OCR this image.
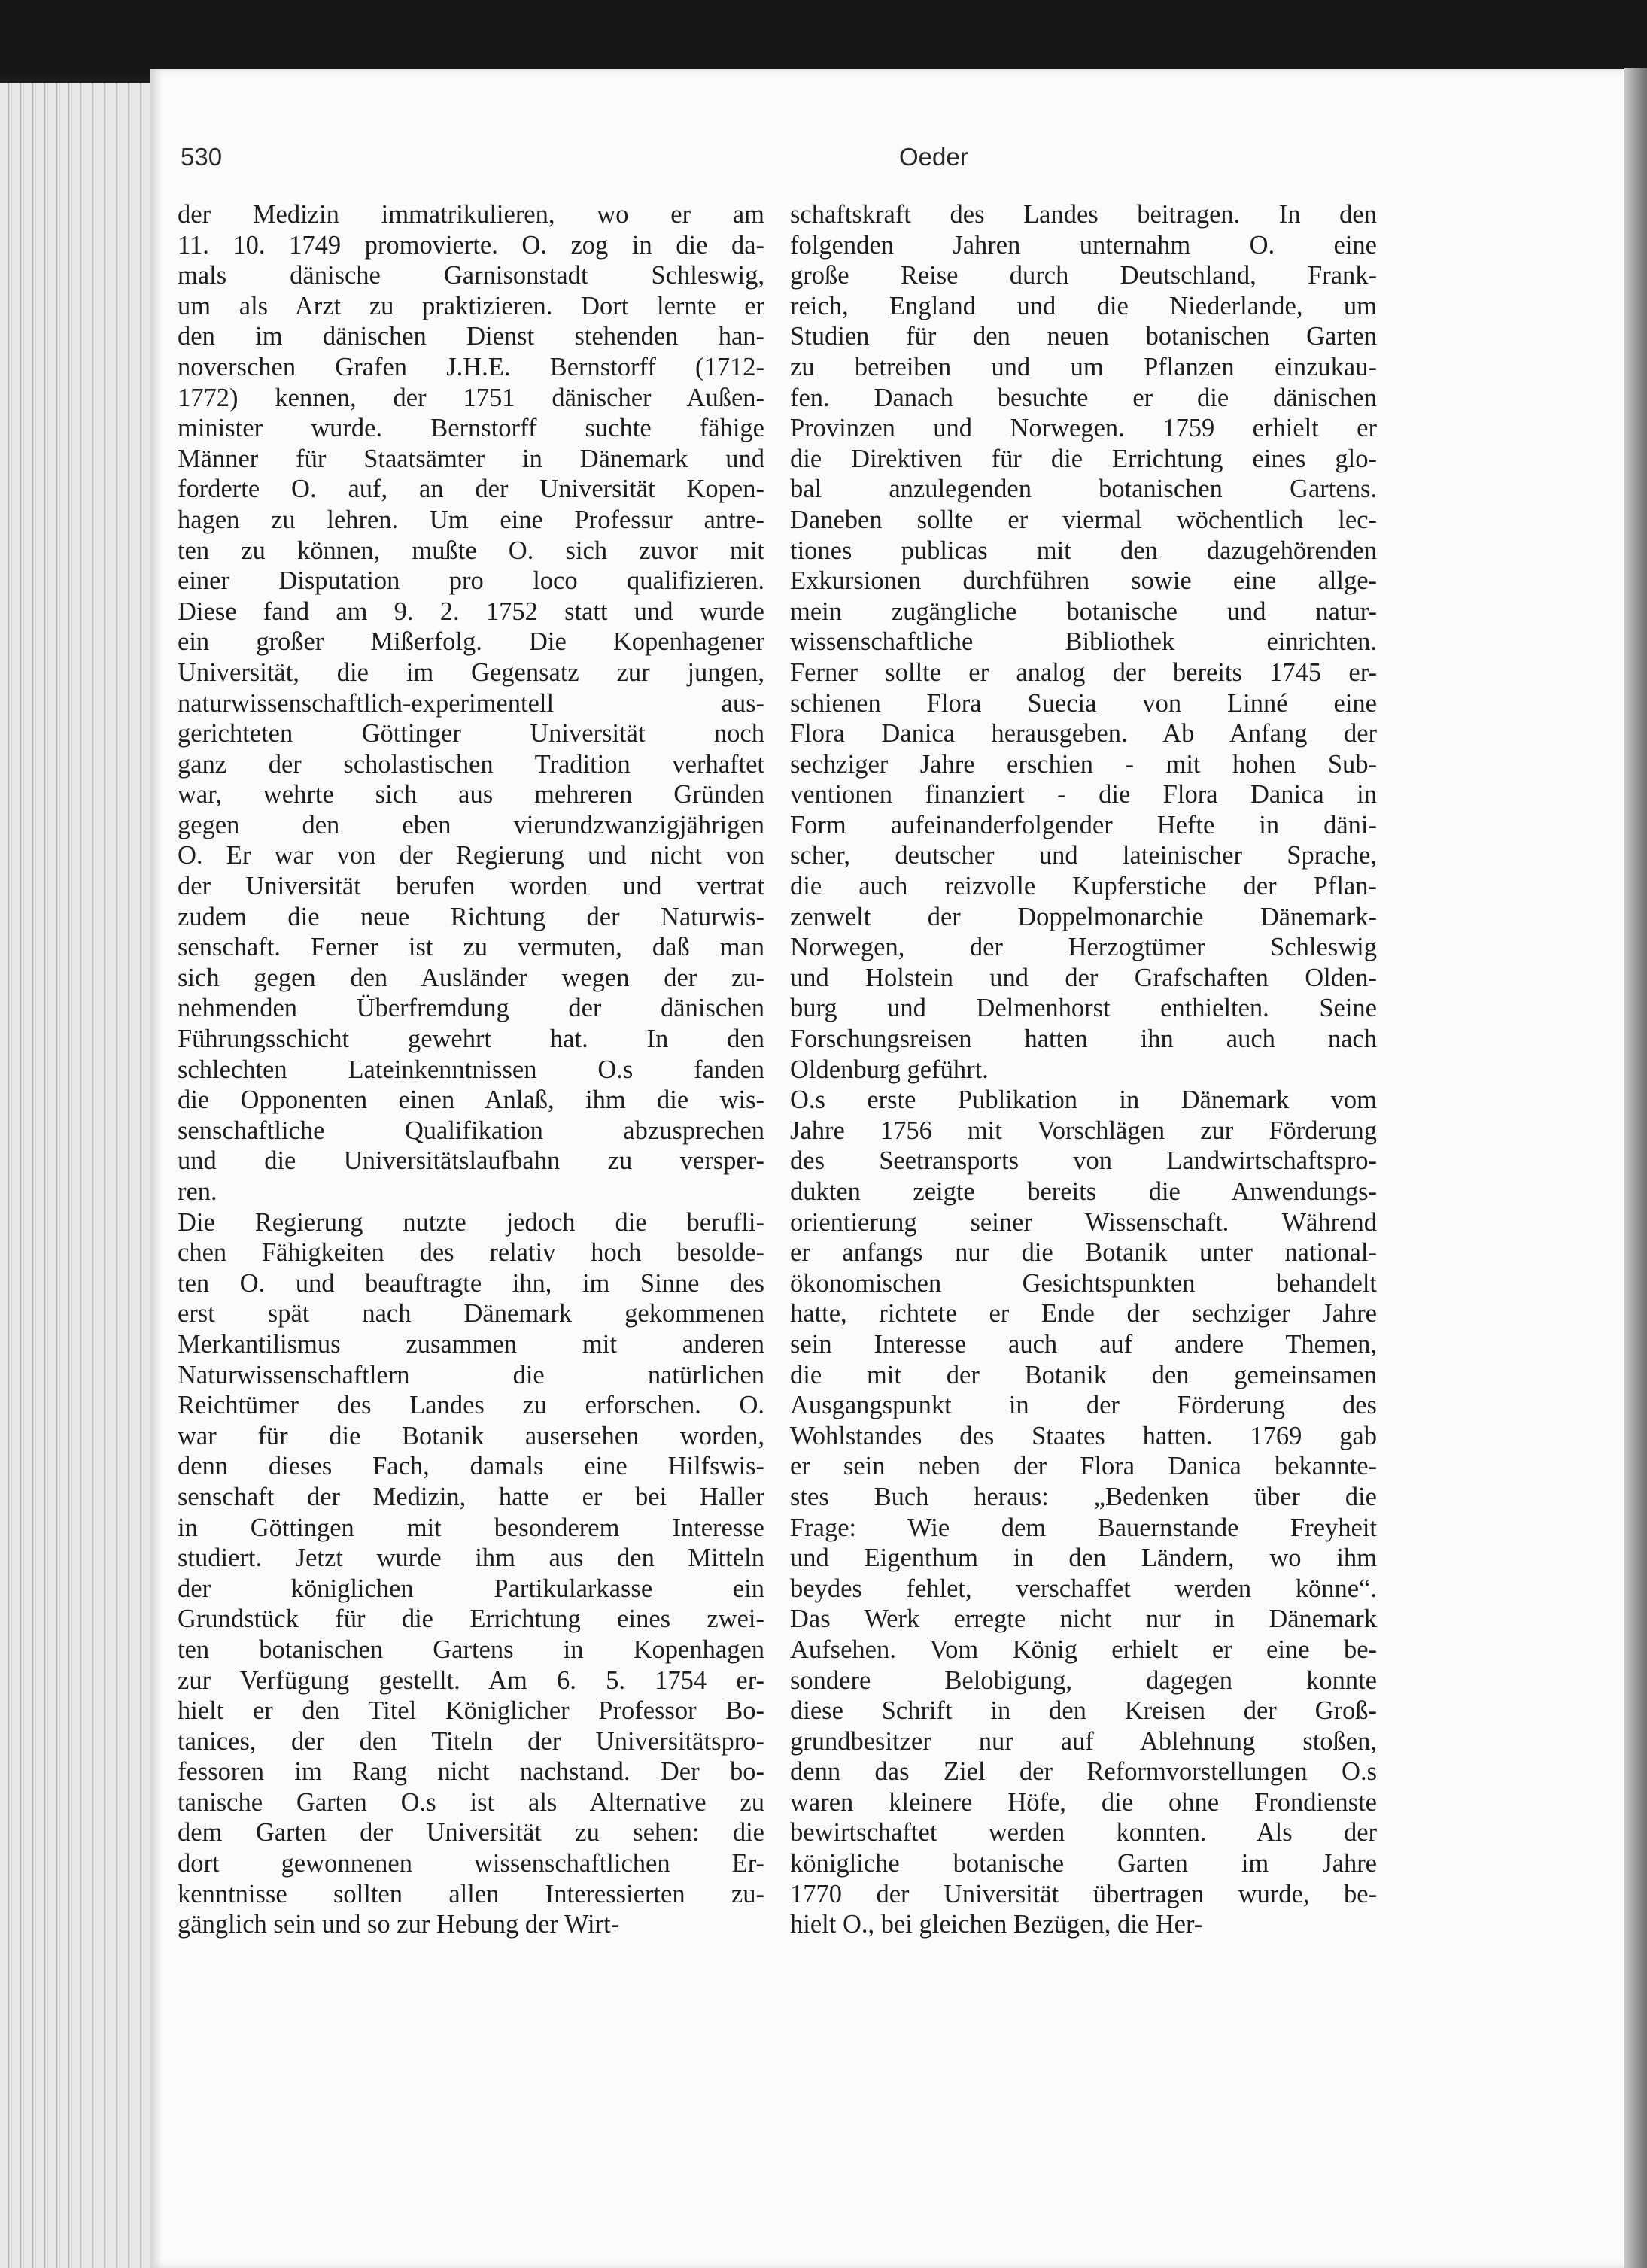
530	Oeder
der Medizin immatrikulieren, wo er am
11. 10. 1749 promovierte. O. zog in die da-
mals dänische Garnisonstadt Schleswig,
um als Arzt zu praktizieren. Dort lernte er
den im dänischen Dienst stehenden han-
noverschen Grafen J.H.E. Bernstorff (1712-
1772) kennen, der 1751 dänischer Außen-
minister wurde. Bernstorff suchte fähige
Männer für Staatsämter in Dänemark und
forderte O. auf, an der Universität Kopen-
hagen zu lehren. Um eine Professur antre-
ten zu können, mußte O. sich zuvor mit
einer Disputation pro loco qualifizieren.
Diese fand am 9. 2. 1752 statt und wurde
ein großer Mißerfolg. Die Kopenhagener
Universität, die im Gegensatz zur jungen,
naturwissenschaftlich-experimentell aus-
gerichteten Göttinger Universität noch
ganz der scholastischen Tradition verhaftet
war, wehrte sich aus mehreren Gründen
gegen den eben vierundzwanzigjährigen
O. Er war von der Regierung und nicht von
der Universität berufen worden und vertrat
zudem die neue Richtung der Naturwis-
senschaft. Ferner ist zu vermuten, daß man
sich gegen den Ausländer wegen der zu-
nehmenden Überfremdung der dänischen
Führungsschicht gewehrt hat. In den
schlechten Lateinkenntnissen O.s fanden
die Opponenten einen Anlaß, ihm die wis-
senschaftliche Qualifikation abzusprechen
und die Universitätslaufbahn zu versper-
ren.
Die Regierung nutzte jedoch die berufli-
chen Fähigkeiten des relativ hoch besolde-
ten O. und beauftragte ihn, im Sinne des
erst spät nach Dänemark gekommenen
Merkantilismus zusammen mit anderen
Naturwissenschaftlern die natürlichen
Reichtümer des Landes zu erforschen. O.
war für die Botanik ausersehen worden,
denn dieses Fach, damals eine Hilfswis-
senschaft der Medizin, hatte er bei Haller
in Göttingen mit besonderem Interesse
studiert. Jetzt wurde ihm aus den Mitteln
der königlichen Partikularkasse ein
Grundstück für die Errichtung eines zwei-
ten botanischen Gartens in Kopenhagen
zur Verfügung gestellt. Am 6. 5. 1754 er-
hielt er den Titel Königlicher Professor Bo-
tanices, der den Titeln der Universitätspro-
fessoren im Rang nicht nachstand. Der bo-
tanische Garten O.s ist als Alternative zu
dem Garten der Universität zu sehen: die
dort gewonnenen wissenschaftlichen Er-
kenntnisse sollten allen Interessierten zu-
gänglich sein und so zur Hebung der Wirt-
schaftskraft des Landes beitragen. In den
folgenden Jahren unternahm O. eine
große Reise durch Deutschland, Frank-
reich, England und die Niederlande, um
Studien für den neuen botanischen Garten
zu betreiben und um Pflanzen einzukau-
fen. Danach besuchte er die dänischen
Provinzen und Norwegen. 1759 erhielt er
die Direktiven für die Errichtung eines glo-
bal anzulegenden botanischen Gartens.
Daneben sollte er viermal wöchentlich lec-
tiones publicas mit den dazugehörenden
Exkursionen durchführen sowie eine allge-
mein zugängliche botanische und natur-
wissenschaftliche Bibliothek einrichten.
Ferner sollte er analog der bereits 1745 er-
schienen Flora Suecia von Linné eine
Flora Danica herausgeben. Ab Anfang der
sechziger Jahre erschien - mit hohen Sub-
ventionen finanziert - die Flora Danica in
Form aufeinanderfolgender Hefte in däni-
scher, deutscher und lateinischer Sprache,
die auch reizvolle Kupferstiche der Pflan-
zenwelt der Doppelmonarchie Dänemark-
Norwegen, der Herzogtümer Schleswig
und Holstein und der Grafschaften Olden-
burg und Delmenhorst enthielten. Seine
Forschungsreisen hatten ihn auch nach
Oldenburg geführt.
O.s erste Publikation in Dänemark vom
Jahre 1756 mit Vorschlägen zur Förderung
des Seetransports von Landwirtschaftspro-
dukten zeigte bereits die Anwendungs-
orientierung seiner Wissenschaft. Während
er anfangs nur die Botanik unter national-
ökonomischen Gesichtspunkten behandelt
hatte, richtete er Ende der sechziger Jahre
sein Interesse auch auf andere Themen,
die mit der Botanik den gemeinsamen
Ausgangspunkt in der Förderung des
Wohlstandes des Staates hatten. 1769 gab
er sein neben der Flora Danica bekannte-
stes Buch heraus: „Bedenken über die
Frage: Wie dem Bauernstande Freyheit
und Eigenthum in den Ländern, wo ihm
beydes fehlet, verschaffet werden könne“.
Das Werk erregte nicht nur in Dänemark
Aufsehen. Vom König erhielt er eine be-
sondere Belobigung, dagegen konnte
diese Schrift in den Kreisen der Groß-
grundbesitzer nur auf Ablehnung stoßen,
denn das Ziel der Reformvorstellungen O.s
waren kleinere Höfe, die ohne Frondienste
bewirtschaftet werden konnten. Als der
königliche botanische Garten im Jahre
1770 der Universität übertragen wurde, be-
hielt O., bei gleichen Bezügen, die Her-
